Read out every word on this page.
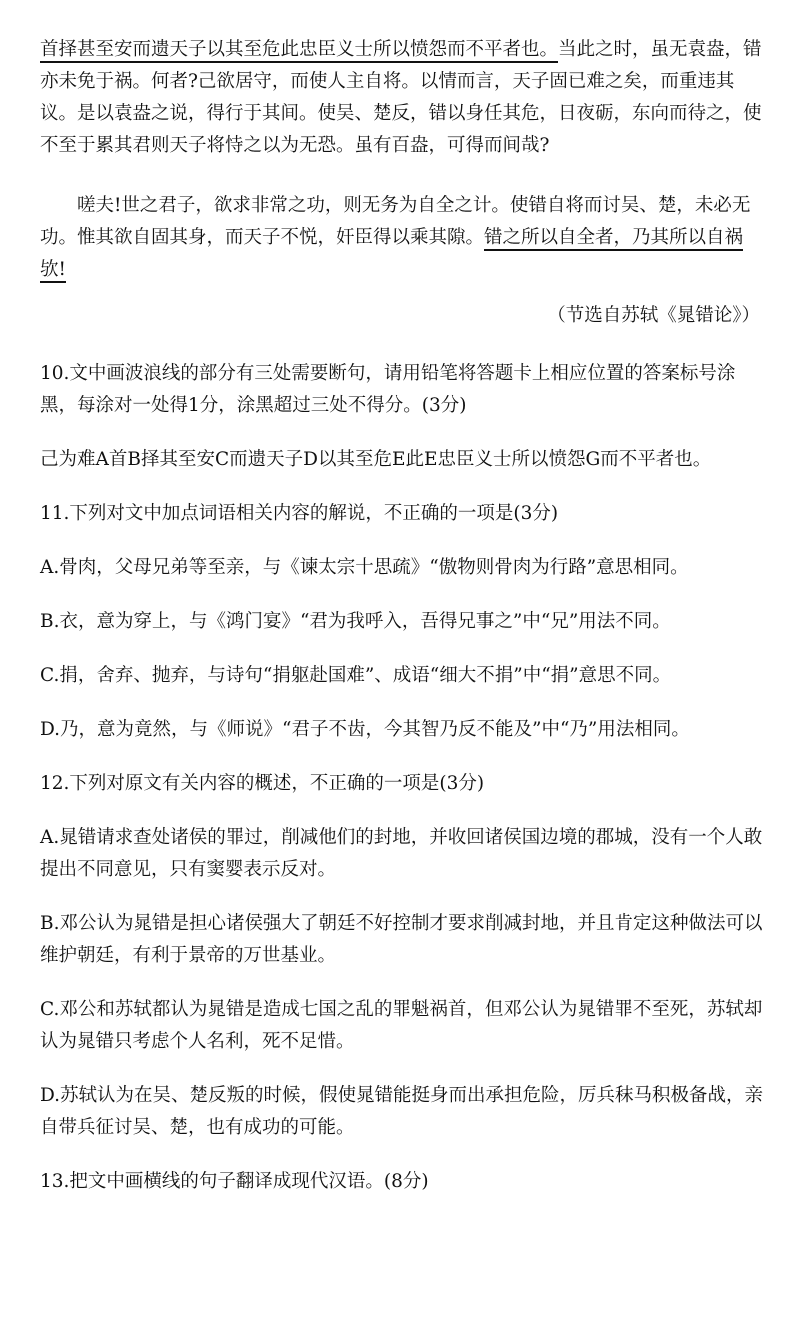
首择甚至安而遗天子以其至危此忠臣义士所以愤怨而不平者也。当此之时，虽无袁盎，错亦未免于祸。何者?己欲居守，而使人主自将。以情而言，天子固已难之矣，而重违其议。是以袁盎之说，得行于其间。使吴、楚反，错以身任其危，日夜砺，东向而待之，使不至于累其君则天子将恃之以为无恐。虽有百盎，可得而间哉?

嗟夫!世之君子，欲求非常之功，则无务为自全之计。使错自将而讨吴、楚，未必无功。惟其欲自固其身，而天子不悦，奸臣得以乘其隙。错之所以自全者，乃其所以自祸欤!

（节选自苏轼《晁错论》）

10.文中画波浪线的部分有三处需要断句，请用铅笔将答题卡上相应位置的答案标号涂黑，每涂对一处得1分，涂黑超过三处不得分。(3分)

己为难A首B择其至安C而遗天子D以其至危E此E忠臣义士所以愤怨G而不平者也。

11.下列对文中加点词语相关内容的解说，不正确的一项是(3分)

A.骨肉，父母兄弟等至亲，与《谏太宗十思疏》“傲物则骨肉为行路”意思相同。

B.衣，意为穿上，与《鸿门宴》“君为我呼入，吾得兄事之”中“兄”用法不同。

C.捐，舍弃、抛弃，与诗句“捐躯赴国难”、成语“细大不捐”中“捐”意思不同。

D.乃，意为竟然，与《师说》“君子不齿，今其智乃反不能及”中“乃”用法相同。

12.下列对原文有关内容的概述，不正确的一项是(3分)

A.晁错请求查处诸侯的罪过，削减他们的封地，并收回诸侯国边境的郡城，没有一个人敢提出不同意见，只有窦婴表示反对。

B.邓公认为晁错是担心诸侯强大了朝廷不好控制才要求削减封地，并且肯定这种做法可以维护朝廷，有利于景帝的万世基业。

C.邓公和苏轼都认为晁错是造成七国之乱的罪魁祸首，但邓公认为晁错罪不至死，苏轼却认为晁错只考虑个人名利，死不足惜。

D.苏轼认为在吴、楚反叛的时候，假使晁错能挺身而出承担危险，厉兵秣马积极备战，亲自带兵征讨吴、楚，也有成功的可能。

13.把文中画横线的句子翻译成现代汉语。(8分)
